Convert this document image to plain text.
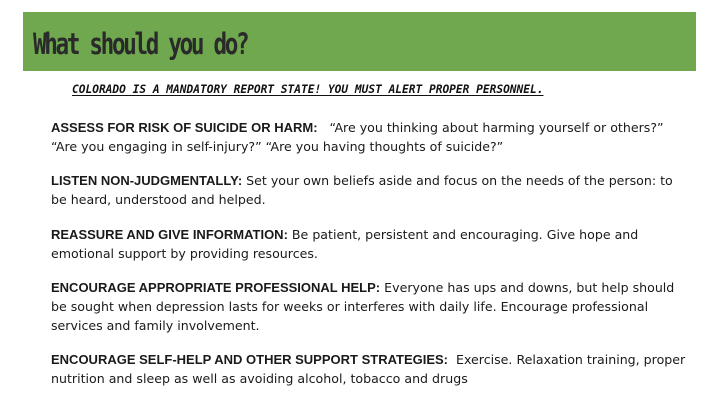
What should you do?
COLORADO IS A MANDATORY REPORT STATE! YOU MUST ALERT PROPER PERSONNEL.
ASSESS FOR RISK OF SUICIDE OR HARM: “Are you thinking about harming yourself or others?” “Are you engaging in self-injury?” “Are you having thoughts of suicide?”
LISTEN NON-JUDGMENTALLY: Set your own beliefs aside and focus on the needs of the person: to be heard, understood and helped.
REASSURE AND GIVE INFORMATION: Be patient, persistent and encouraging. Give hope and emotional support by providing resources.
ENCOURAGE APPROPRIATE PROFESSIONAL HELP: Everyone has ups and downs, but help should be sought when depression lasts for weeks or interferes with daily life. Encourage professional services and family involvement.
ENCOURAGE SELF-HELP AND OTHER SUPPORT STRATEGIES: Exercise. Relaxation training, proper nutrition and sleep as well as avoiding alcohol, tobacco and drugs
